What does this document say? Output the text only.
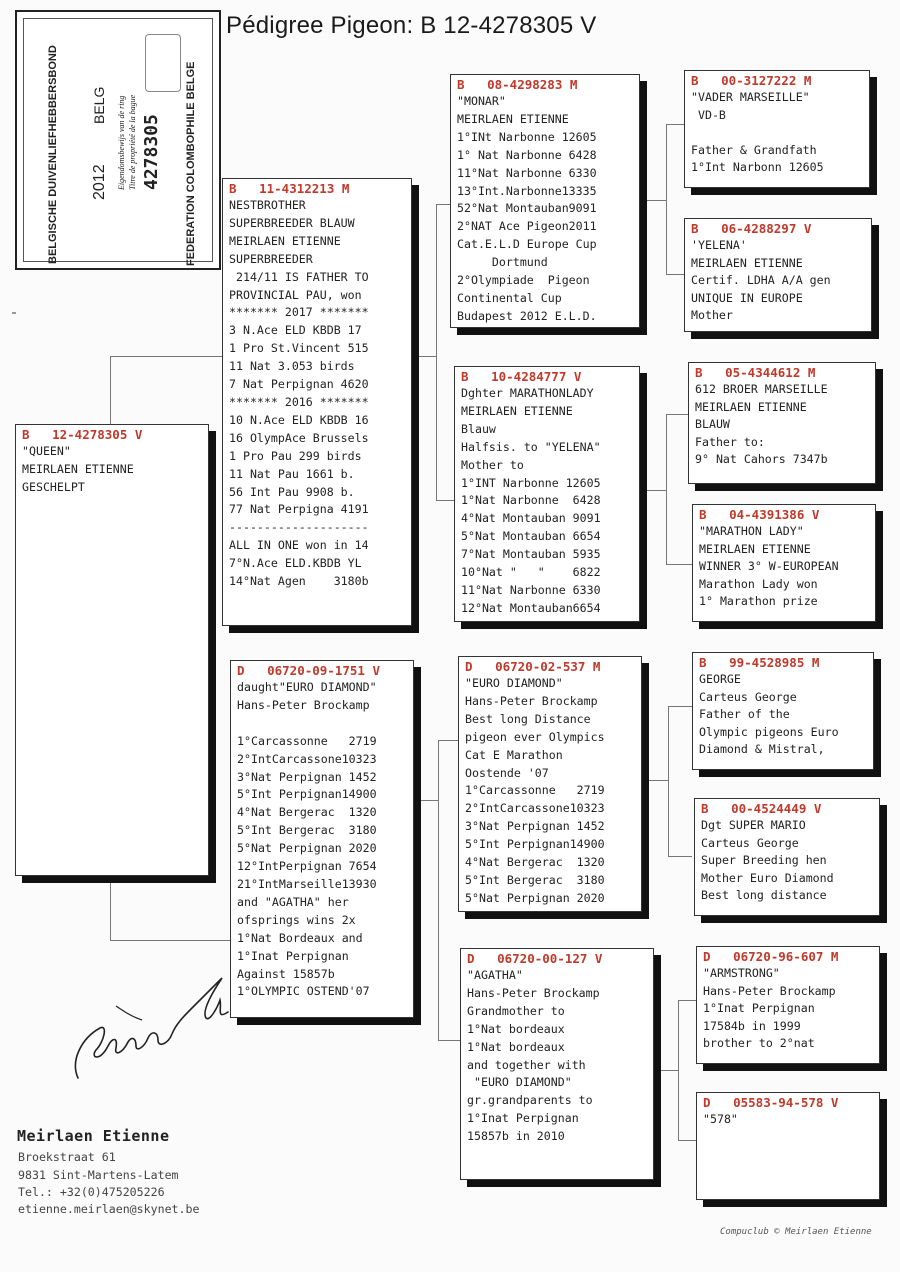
Pédigree Pigeon: B 12-4278305 V
BELGISCHE DUIVENLIEFHEBBERSBOND 2012
BELG Eigendomsbewijs van de ring Titre de propriété de la bague 4278305 FEDERATION COLOMBOPHILE BELGE
B   12-4278305 V
"QUEEN"
MEIRLAEN ETIENNE
GESCHELPT
B   11-4312213 M
NESTBROTHER
SUPERBREEDER BLAUW
MEIRLAEN ETIENNE
SUPERBREEDER
214/11 IS FATHER TO
PROVINCIAL PAU, won
******* 2017 *******
3 N.Ace ELD KBDB 17
1 Pro St.Vincent 515
11 Nat 3.053 birds
7 Nat Perpignan 4620
******* 2016 *******
10 N.Ace ELD KBDB 16
16 OlympAce Brussels
1 Pro Pau 299 birds
11 Nat Pau 1661 b.
56 Int Pau 9908 b.
77 Nat Perpigna 4191
--------------------
ALL IN ONE won in 14
7°N.Ace ELD.KBDB YL
14°Nat Agen    3180b
D   06720-09-1751 V
daught"EURO DIAMOND"
Hans-Peter Brockamp

1°Carcassonne   2719
2°IntCarcassone10323
3°Nat Perpignan 1452
5°Int Perpignan14900
4°Nat Bergerac  1320
5°Int Bergerac  3180
5°Nat Perpignan 2020
12°IntPerpignan 7654
21°IntMarseille13930
and "AGATHA" her
ofsprings wins 2x
1°Nat Bordeaux and
1°Inat Perpignan
Against 15857b
1°OLYMPIC OSTEND'07
B   08-4298283 M
"MONAR"
MEIRLAEN ETIENNE
1°INt Narbonne 12605
1° Nat Narbonne 6428
11°Nat Narbonne 6330
13°Int.Narbonne13335
52°Nat Montauban9091
2°NAT Ace Pigeon2011
Cat.E.L.D Europe Cup
Dortmund
2°Olympiade  Pigeon
Continental Cup
Budapest 2012 E.L.D.
B   10-4284777 V
Dghter MARATHONLADY
MEIRLAEN ETIENNE
Blauw
Halfsis. to "YELENA"
Mother to
1°INT Narbonne 12605
1°Nat Narbonne  6428
4°Nat Montauban 9091
5°Nat Montauban 6654
7°Nat Montauban 5935
10°Nat "   "    6822
11°Nat Narbonne 6330
12°Nat Montauban6654
D   06720-02-537 M
"EURO DIAMOND"
Hans-Peter Brockamp
Best long Distance
pigeon ever Olympics
Cat E Marathon
Oostende '07
1°Carcassonne   2719
2°IntCarcassone10323
3°Nat Perpignan 1452
5°Int Perpignan14900
4°Nat Bergerac  1320
5°Int Bergerac  3180
5°Nat Perpignan 2020
D   06720-00-127 V
"AGATHA"
Hans-Peter Brockamp
Grandmother to
1°Nat bordeaux
1°Nat bordeaux
and together with
"EURO DIAMOND"
gr.grandparents to
1°Inat Perpignan
15857b in 2010
B   00-3127222 M
"VADER MARSEILLE"
VD-B

Father & Grandfath
1°Int Narbonn 12605
B   06-4288297 V
'YELENA'
MEIRLAEN ETIENNE
Certif. LDHA A/A gen
UNIQUE IN EUROPE
Mother
B   05-4344612 M
612 BROER MARSEILLE
MEIRLAEN ETIENNE
BLAUW
Father to:
9° Nat Cahors 7347b
B   04-4391386 V
"MARATHON LADY"
MEIRLAEN ETIENNE
WINNER 3° W-EUROPEAN
Marathon Lady won
1° Marathon prize
B   99-4528985 M
GEORGE
Carteus George
Father of the
Olympic pigeons Euro
Diamond & Mistral,
B   00-4524449 V
Dgt SUPER MARIO
Carteus George
Super Breeding hen
Mother Euro Diamond
Best long distance
D   06720-96-607 M
"ARMSTRONG"
Hans-Peter Brockamp
1°Inat Perpignan
17584b in 1999
brother to 2°nat
D   05583-94-578 V
"578"
Meirlaen Etienne
Broekstraat 61
9831 Sint-Martens-Latem
Tel.: +32(0)475205226
etienne.meirlaen@skynet.be
Compuclub © Meirlaen Etienne
